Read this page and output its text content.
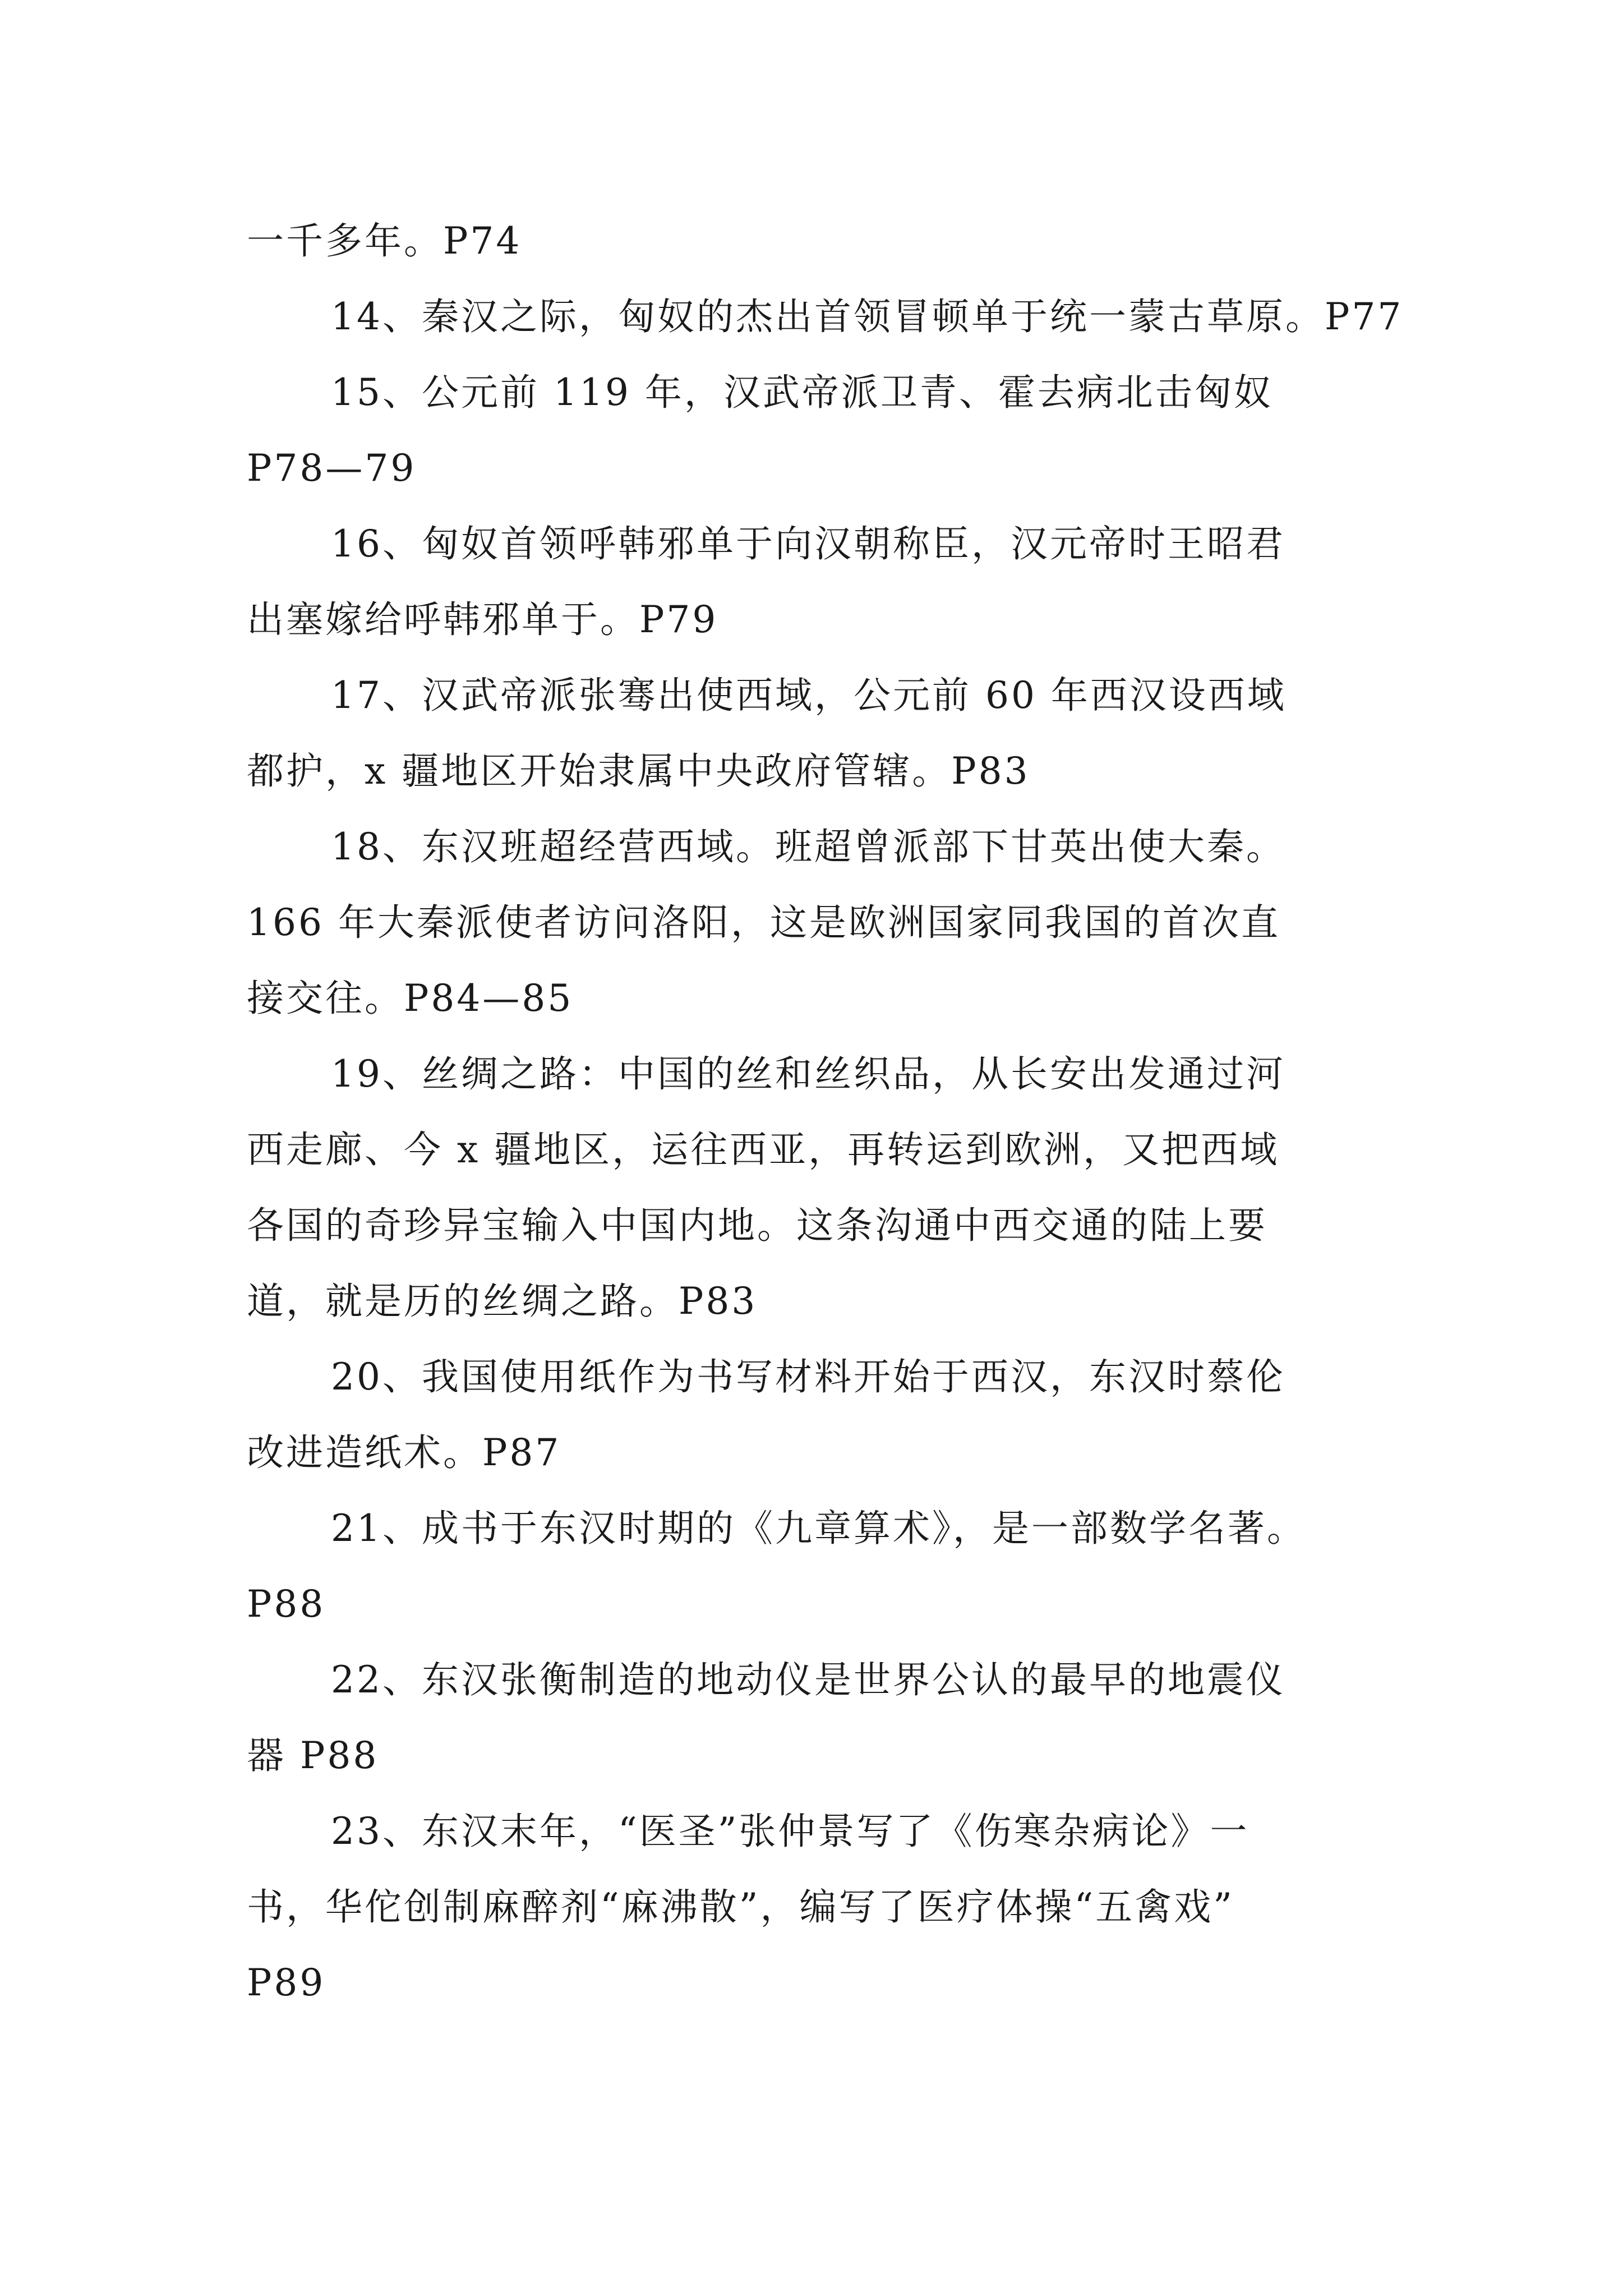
一千多年。P74
14、秦汉之际，匈奴的杰出首领冒顿单于统一蒙古草原。P77
15、公元前 119 年，汉武帝派卫青、霍去病北击匈奴
P78—79
16、匈奴首领呼韩邪单于向汉朝称臣，汉元帝时王昭君
出塞嫁给呼韩邪单于。P79
17、汉武帝派张骞出使西域，公元前 60 年西汉设西域
都护，x 疆地区开始隶属中央政府管辖。P83
18、东汉班超经营西域。班超曾派部下甘英出使大秦。
166 年大秦派使者访问洛阳，这是欧洲国家同我国的首次直
接交往。P84—85
19、丝绸之路：中国的丝和丝织品，从长安出发通过河
西走廊、今 x 疆地区，运往西亚，再转运到欧洲，又把西域
各国的奇珍异宝输入中国内地。这条沟通中西交通的陆上要
道，就是历的丝绸之路。P83
20、我国使用纸作为书写材料开始于西汉，东汉时蔡伦
改进造纸术。P87
21、成书于东汉时期的《九章算术》，是一部数学名著。
P88
22、东汉张衡制造的地动仪是世界公认的最早的地震仪
器 P88
23、东汉末年，“医圣”张仲景写了《伤寒杂病论》一
书，华佗创制麻醉剂“麻沸散”，编写了医疗体操“五禽戏”
P89
